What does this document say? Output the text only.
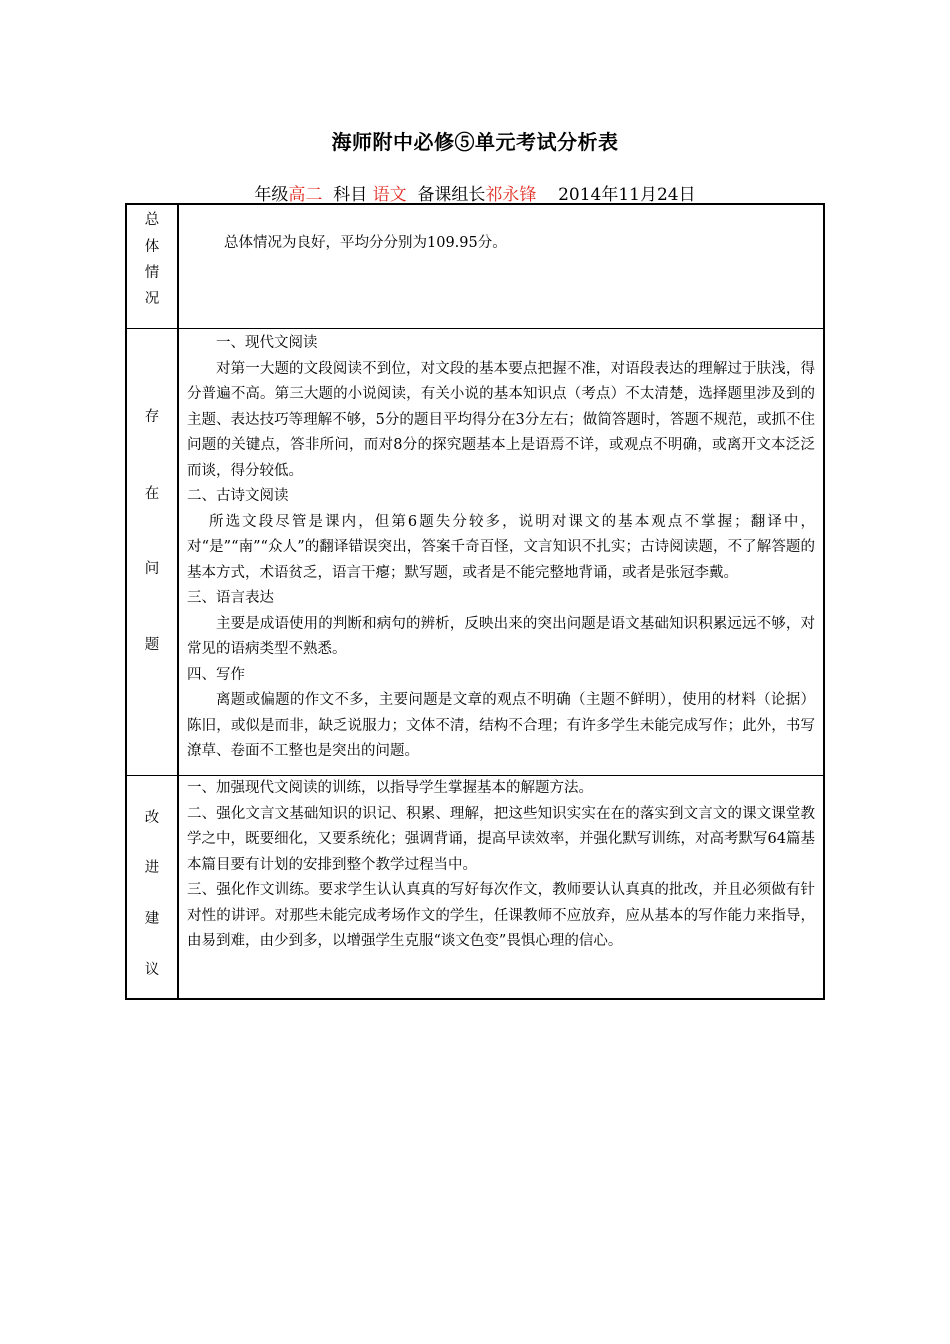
海师附中必修⑤单元考试分析表
年级高二 科目 语文 备课组长祁永锋 2014年11月24日
总
体
情
况
总体情况为良好，平均分分别为109.95分。
存
在
问
题

一、现代文阅读

对第一大题的文段阅读不到位，对文段的基本要点把握不准，对语段表达的理解过于肤浅，得分普遍不高。第三大题的小说阅读，有关小说的基本知识点（考点）不太清楚，选择题里涉及到的主题、表达技巧等理解不够，5分的题目平均得分在3分左右；做简答题时，答题不规范，或抓不住问题的关键点，答非所问，而对8分的探究题基本上是语焉不详，或观点不明确，或离开文本泛泛而谈，得分较低。

二、古诗文阅读

所选文段尽管是课内，但第6题失分较多，说明对课文的基本观点不掌握；翻译中，对“是”“南”“众人”的翻译错误突出，答案千奇百怪，文言知识不扎实；古诗阅读题，不了解答题的基本方式，术语贫乏，语言干瘪；默写题，或者是不能完整地背诵，或者是张冠李戴。

三、语言表达

主要是成语使用的判断和病句的辨析，反映出来的突出问题是语文基础知识积累远远不够，对常见的语病类型不熟悉。

四、写作

离题或偏题的作文不多，主要问题是文章的观点不明确（主题不鲜明），使用的材料（论据）陈旧，或似是而非，缺乏说服力；文体不清，结构不合理；有许多学生未能完成写作；此外，书写潦草、卷面不工整也是突出的问题。

改
进
建
议

一、加强现代文阅读的训练，以指导学生掌握基本的解题方法。

二、强化文言文基础知识的识记、积累、理解，把这些知识实实在在的落实到文言文的课文课堂教学之中，既要细化，又要系统化；强调背诵，提高早读效率，并强化默写训练，对高考默写64篇基本篇目要有计划的安排到整个教学过程当中。

三、强化作文训练。要求学生认认真真的写好每次作文，教师要认认真真的批改，并且必须做有针对性的讲评。对那些未能完成考场作文的学生，任课教师不应放弃，应从基本的写作能力来指导，由易到难，由少到多，以增强学生克服“谈文色变”畏惧心理的信心。
